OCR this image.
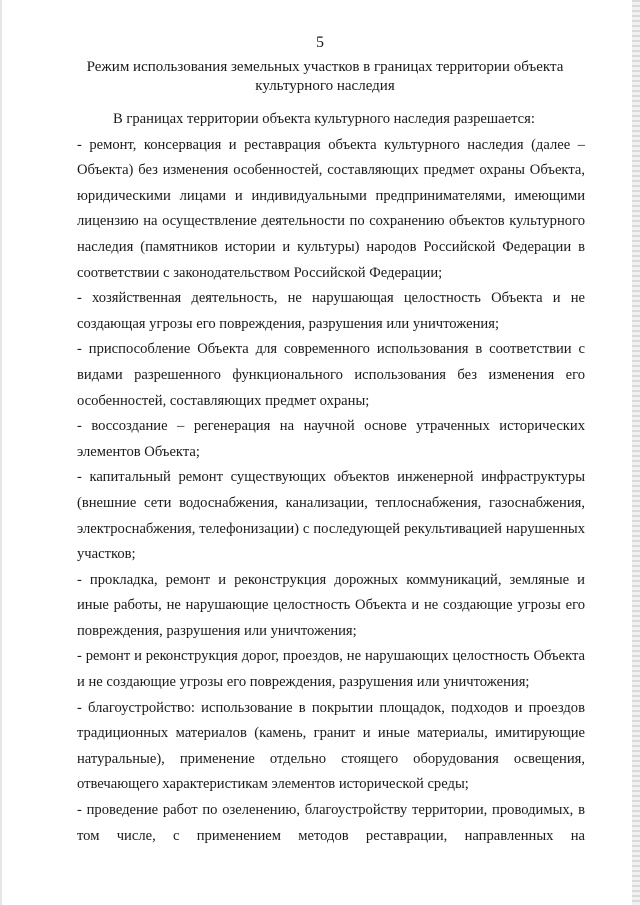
5
Режим использования земельных участков в границах территории объекта культурного наследия

В границах территории объекта культурного наследия разрешается:

- ремонт, консервация и реставрация объекта культурного наследия (далее – Объекта) без изменения особенностей, составляющих предмет охраны Объекта, юридическими лицами и индивидуальными предпринимателями, имеющими лицензию на осуществление деятельности по сохранению объектов культурного наследия (памятников истории и культуры) народов Российской Федерации в соответствии с законодательством Российской Федерации;

- хозяйственная деятельность, не нарушающая целостность Объекта и не создающая угрозы его повреждения, разрушения или уничтожения;

- приспособление Объекта для современного использования в соответствии с видами разрешенного функционального использования без изменения его особенностей, составляющих предмет охраны;

- воссоздание – регенерация на научной основе утраченных исторических элементов Объекта;

- капитальный ремонт существующих объектов инженерной инфраструктуры (внешние сети водоснабжения, канализации, теплоснабжения, газоснабжения, электроснабжения, телефонизации) с последующей рекультивацией нарушенных участков;

- прокладка, ремонт и реконструкция дорожных коммуникаций, земляные и иные работы, не нарушающие целостность Объекта и не создающие угрозы его повреждения, разрушения или уничтожения;

- ремонт и реконструкция дорог, проездов, не нарушающих целостность Объекта и не создающие угрозы его повреждения, разрушения или уничтожения;

- благоустройство: использование в покрытии площадок, подходов и проездов традиционных материалов (камень, гранит и иные материалы, имитирующие натуральные), применение отдельно стоящего оборудования освещения, отвечающего характеристикам элементов исторической среды;

- проведение работ по озеленению, благоустройству территории, проводимых, в том числе, с применением методов реставрации, направленных на
